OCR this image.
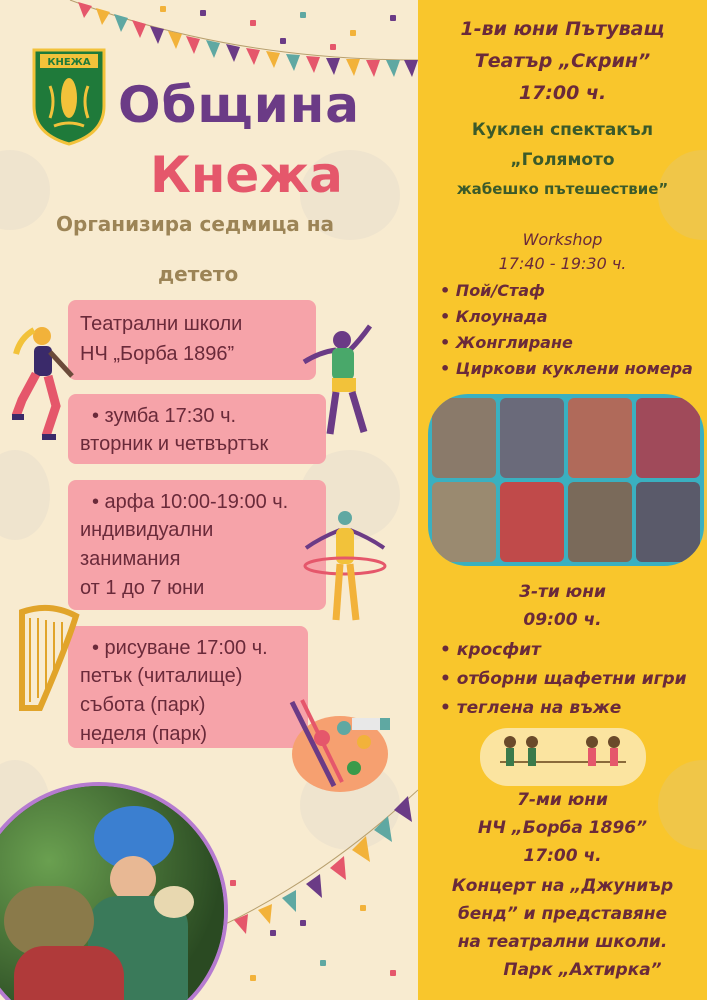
КНЕЖА
Община
Кнежа
Организира седмица на
детето
Театрални школи
НЧ „Борба 1896”
• зумба 17:30 ч.
вторник и четвъртък
• арфа 10:00-19:00 ч.
индивидуални
занимания
от 1 до 7 юни
• рисуване 17:00 ч.
петък (читалище)
събота (парк)
неделя (парк)
1-ви юни Пътуващ
Театър „Скрин”
17:00 ч.
Куклен спектакъл
„Голямото
жабешко пътешествие”
Workshop
17:40 - 19:30 ч.
• Пой/Стаф
• Клоунада
• Жонглиране
• Циркови куклени номера
3-ти юни
09:00 ч.
• кросфит
• отборни щафетни игри
• теглена на въже
7-ми юни
НЧ „Борба 1896”
17:00 ч.
Концерт на „Джуниър
бенд” и представяне
на театрални школи.
Парк „Ахтирка”
